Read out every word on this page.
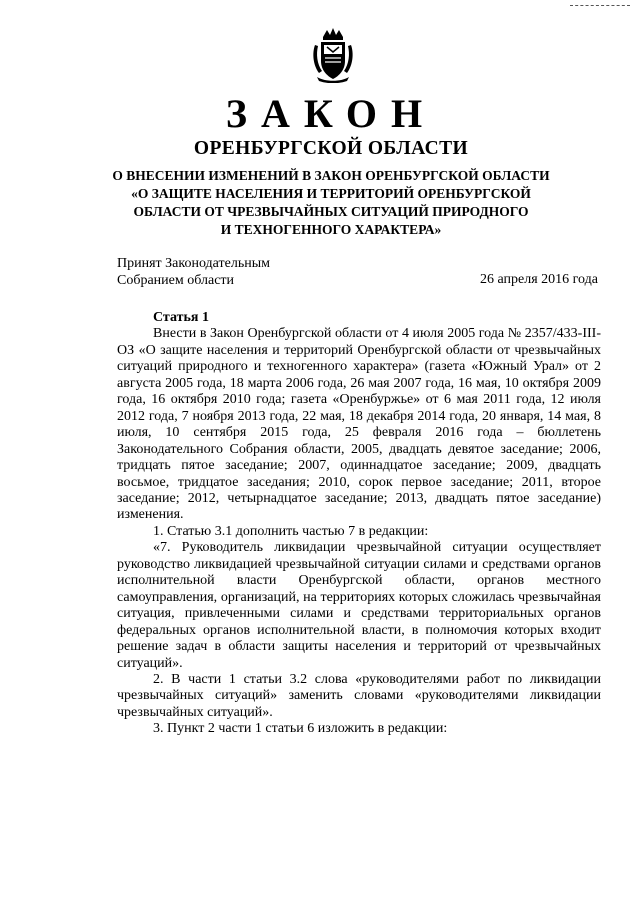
ЗАКОН
ОРЕНБУРГСКОЙ ОБЛАСТИ
О ВНЕСЕНИИ ИЗМЕНЕНИЙ В ЗАКОН ОРЕНБУРГСКОЙ ОБЛАСТИ
«О ЗАЩИТЕ НАСЕЛЕНИЯ И ТЕРРИТОРИЙ ОРЕНБУРГСКОЙ
ОБЛАСТИ ОТ ЧРЕЗВЫЧАЙНЫХ СИТУАЦИЙ ПРИРОДНОГО
И ТЕХНОГЕННОГО ХАРАКТЕРА»
Принят Законодательным
Собранием области	26 апреля 2016 года

Статья 1

Внести в Закон Оренбургской области от 4 июля 2005 года № 2357/433-III-ОЗ «О защите населения и территорий Оренбургской области от чрезвычайных ситуаций природного и техногенного характера» (газета «Южный Урал» от 2 августа 2005 года, 18 марта 2006 года, 26 мая 2007 года, 16 мая, 10 октября 2009 года, 16 октября 2010 года; газета «Оренбуржье» от 6 мая 2011 года, 12 июля 2012 года, 7 ноября 2013 года, 22 мая, 18 декабря 2014 года, 20 января, 14 мая, 8 июля, 10 сентября 2015 года, 25 февраля 2016 года – бюллетень Законодательного Собрания области, 2005, двадцать девятое заседание; 2006, тридцать пятое заседание; 2007, одиннадцатое заседание; 2009, двадцать восьмое, тридцатое заседания; 2010, сорок первое заседание; 2011, второе заседание; 2012, четырнадцатое заседание; 2013, двадцать пятое заседание) изменения.

1. Статью 3.1 дополнить частью 7 в редакции:

«7. Руководитель ликвидации чрезвычайной ситуации осуществляет руководство ликвидацией чрезвычайной ситуации силами и средствами органов исполнительной власти Оренбургской области, органов местного самоуправления, организаций, на территориях которых сложилась чрезвычайная ситуация, привлеченными силами и средствами территориальных органов федеральных органов исполнительной власти, в полномочия которых входит решение задач в области защиты населения и территорий от чрезвычайных ситуаций».

2. В части 1 статьи 3.2 слова «руководителями работ по ликвидации чрезвычайных ситуаций» заменить словами «руководителями ликвидации чрезвычайных ситуаций».

3. Пункт 2 части 1 статьи 6 изложить в редакции:
